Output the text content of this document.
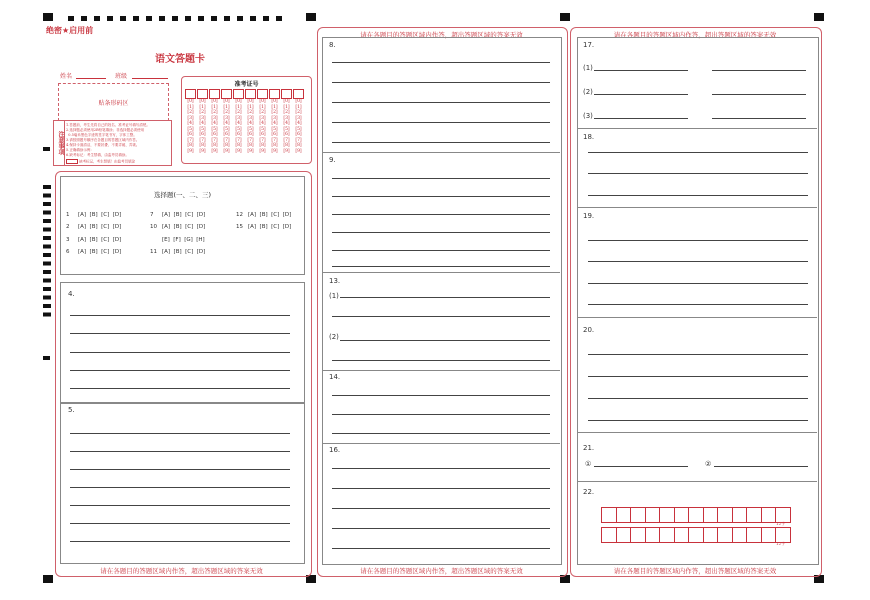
绝密★启用前
语文答题卡
姓名	班级
贴条形码区
准考证号
[0]
[1]
[2]
[3]
[4]
[5]
[6]
[7]
[8]
[9]
[0]
[1]
[2]
[3]
[4]
[5]
[6]
[7]
[8]
[9]
[0]
[1]
[2]
[3]
[4]
[5]
[6]
[7]
[8]
[9]
[0]
[1]
[2]
[3]
[4]
[5]
[6]
[7]
[8]
[9]
[0]
[1]
[2]
[3]
[4]
[5]
[6]
[7]
[8]
[9]
[0]
[1]
[2]
[3]
[4]
[5]
[6]
[7]
[8]
[9]
[0]
[1]
[2]
[3]
[4]
[5]
[6]
[7]
[8]
[9]
[0]
[1]
[2]
[3]
[4]
[5]
[6]
[7]
[8]
[9]
[0]
[1]
[2]
[3]
[4]
[5]
[6]
[7]
[8]
[9]
[0]
[1]
[2]
[3]
[4]
[5]
[6]
[7]
[8]
[9]
注意事项
1.答题前，考生先将自己的姓名、准考证号填写清楚。
2.选择题必须使用2B铅笔填涂；非选择题必须使用
0.5毫米黑色字迹的签字笔书写，字体工整。
3.请按照题号顺序在各题目的答题区域内作答。
4.保持卡面清洁，不要折叠、不要弄破、弄皱。
5.正确填涂示例：
6.缺考标记：考生禁填，由监考员填涂。
缺考标记，考生禁填！由监考员填涂
选择题(一、二、三)
1 [A]  [B]  [C]  [D]
2 [A]  [B]  [C]  [D]
3 [A]  [B]  [C]  [D]
6 [A]  [B]  [C]  [D]
7 [A]  [B]  [C]  [D]
10 [A]  [B]  [C]  [D]
[E]  [F]  [G]  [H]
11 [A]  [B]  [C]  [D]
12 [A]  [B]  [C]  [D]
15 [A]  [B]  [C]  [D]
4.
5.
请在各题目的答题区域内作答，超出答题区域的答案无效
请在各题目的答题区域内作答，超出答题区域的答案无效
8.
9.
13.
(1)
(2)
14.
16.
请在各题目的答题区域内作答，超出答题区域的答案无效
请在各题目的答题区域内作答，超出答题区域的答案无效
17.
(1)
(2)
(3)
18.
19.
20.
21.
①	②
22.
12字
12字
请在各题目的答题区域内作答，超出答题区域的答案无效
